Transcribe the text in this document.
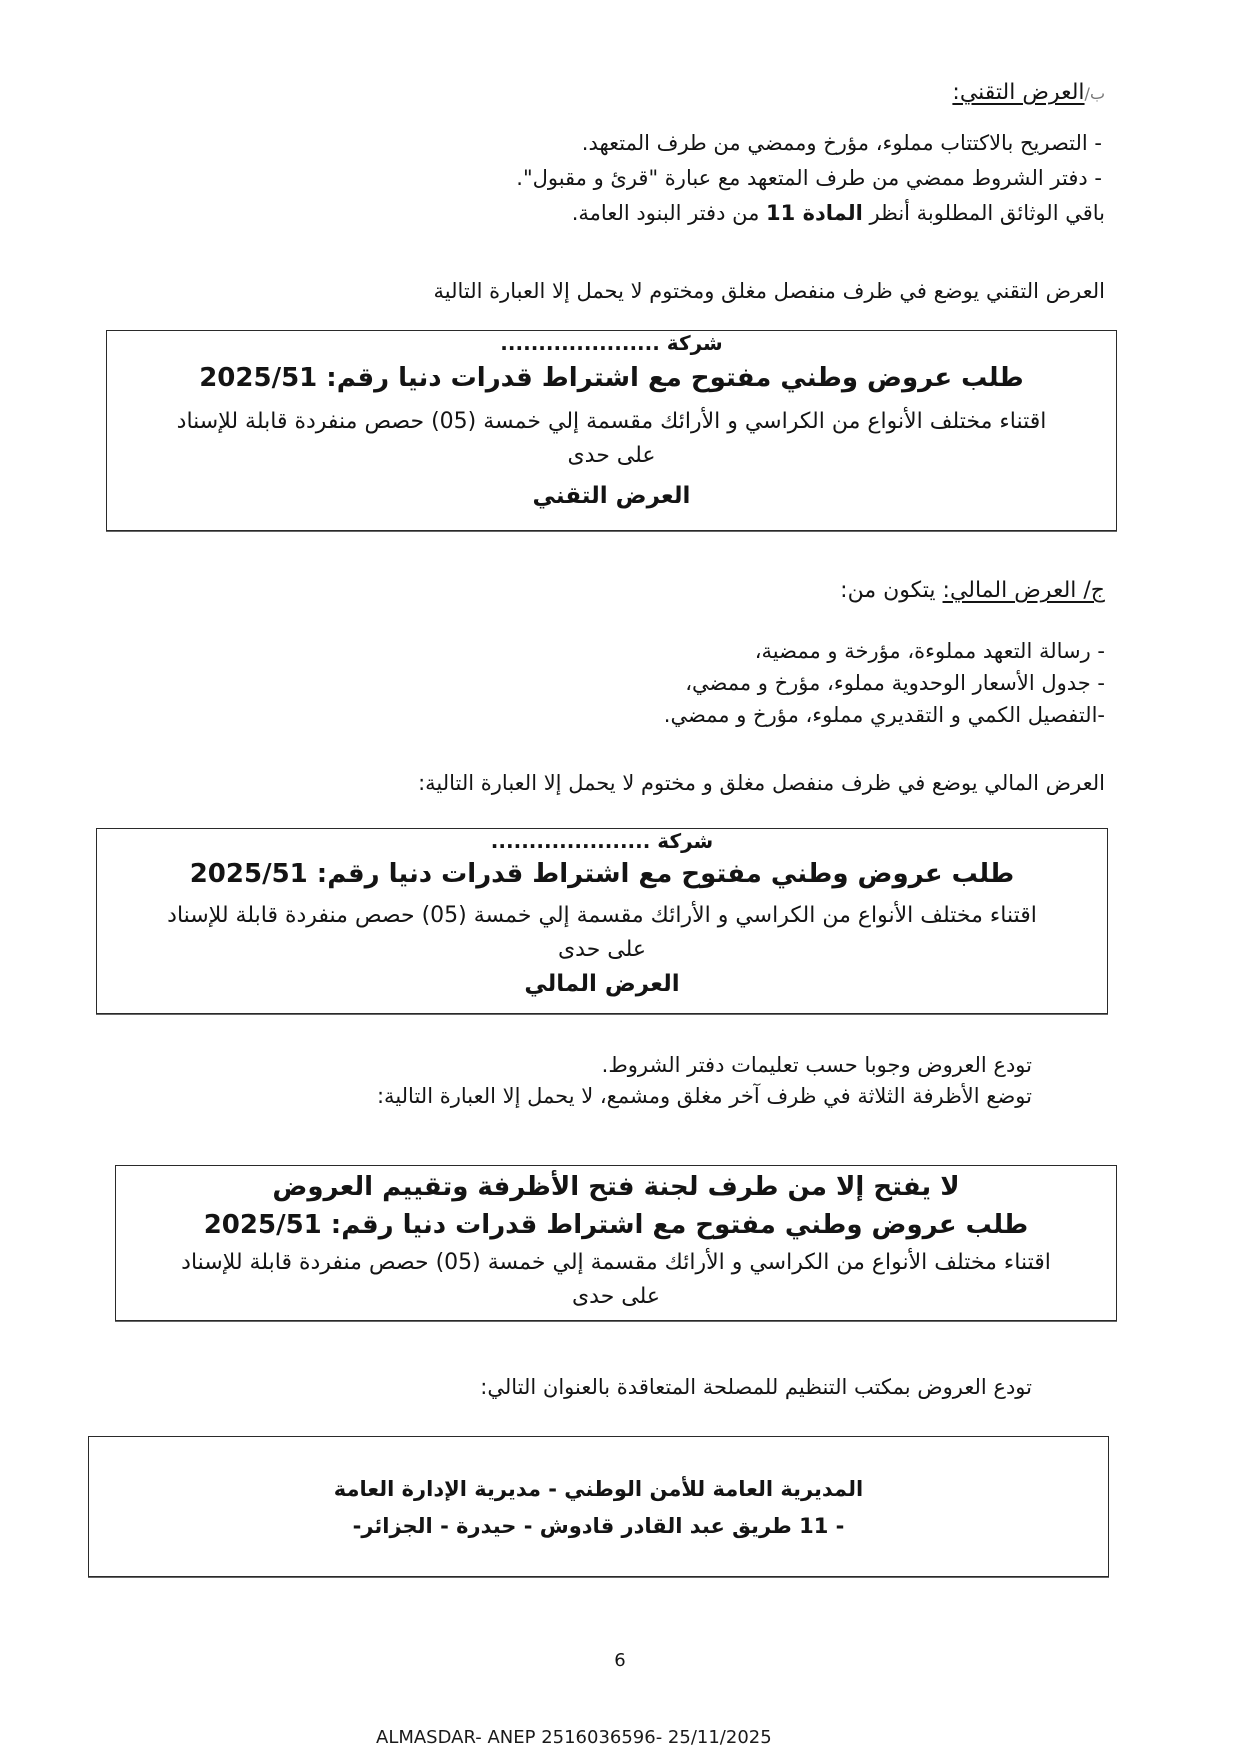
ب/العرض التقني:
- التصريح بالاكتتاب مملوء، مؤرخ وممضي من طرف المتعهد.
- دفتر الشروط ممضي من طرف المتعهد مع عبارة "قرئ و مقبول".
باقي الوثائق المطلوبة أنظر المادة 11 من دفتر البنود العامة.
العرض التقني يوضع في ظرف منفصل مغلق ومختوم لا يحمل إلا العبارة التالية
شركة .....................
طلب عروض وطني مفتوح مع اشتراط قدرات دنيا رقم: 2025/51
اقتناء مختلف الأنواع من الكراسي و الأرائك مقسمة إلي خمسة (05) حصص منفردة قابلة للإسناد
على حدى
العرض التقني
ج/ العرض المالي: يتكون من:
- رسالة التعهد مملوءة، مؤرخة و ممضية،
- جدول الأسعار الوحدوية مملوء، مؤرخ و ممضي،
-التفصيل الكمي و التقديري مملوء، مؤرخ و ممضي.
العرض المالي يوضع في ظرف منفصل مغلق و مختوم لا يحمل إلا العبارة التالية:
شركة .....................
طلب عروض وطني مفتوح مع اشتراط قدرات دنيا رقم: 2025/51
اقتناء مختلف الأنواع من الكراسي و الأرائك مقسمة إلي خمسة (05) حصص منفردة قابلة للإسناد
على حدى
العرض المالي
تودع العروض وجوبا حسب تعليمات دفتر الشروط.
توضع الأظرفة الثلاثة في ظرف آخر مغلق ومشمع، لا يحمل إلا العبارة التالية:
لا يفتح إلا من طرف لجنة فتح الأظرفة وتقييم العروض
طلب عروض وطني مفتوح مع اشتراط قدرات دنيا رقم: 2025/51
اقتناء مختلف الأنواع من الكراسي و الأرائك مقسمة إلي خمسة (05) حصص منفردة قابلة للإسناد
على حدى
تودع العروض بمكتب التنظيم للمصلحة المتعاقدة بالعنوان التالي:
المديرية العامة للأمن الوطني - مديرية الإدارة العامة
- 11 طريق عبد القادر قادوش - حيدرة - الجزائر-
6
ALMASDAR- ANEP 2516036596- 25/11/2025
